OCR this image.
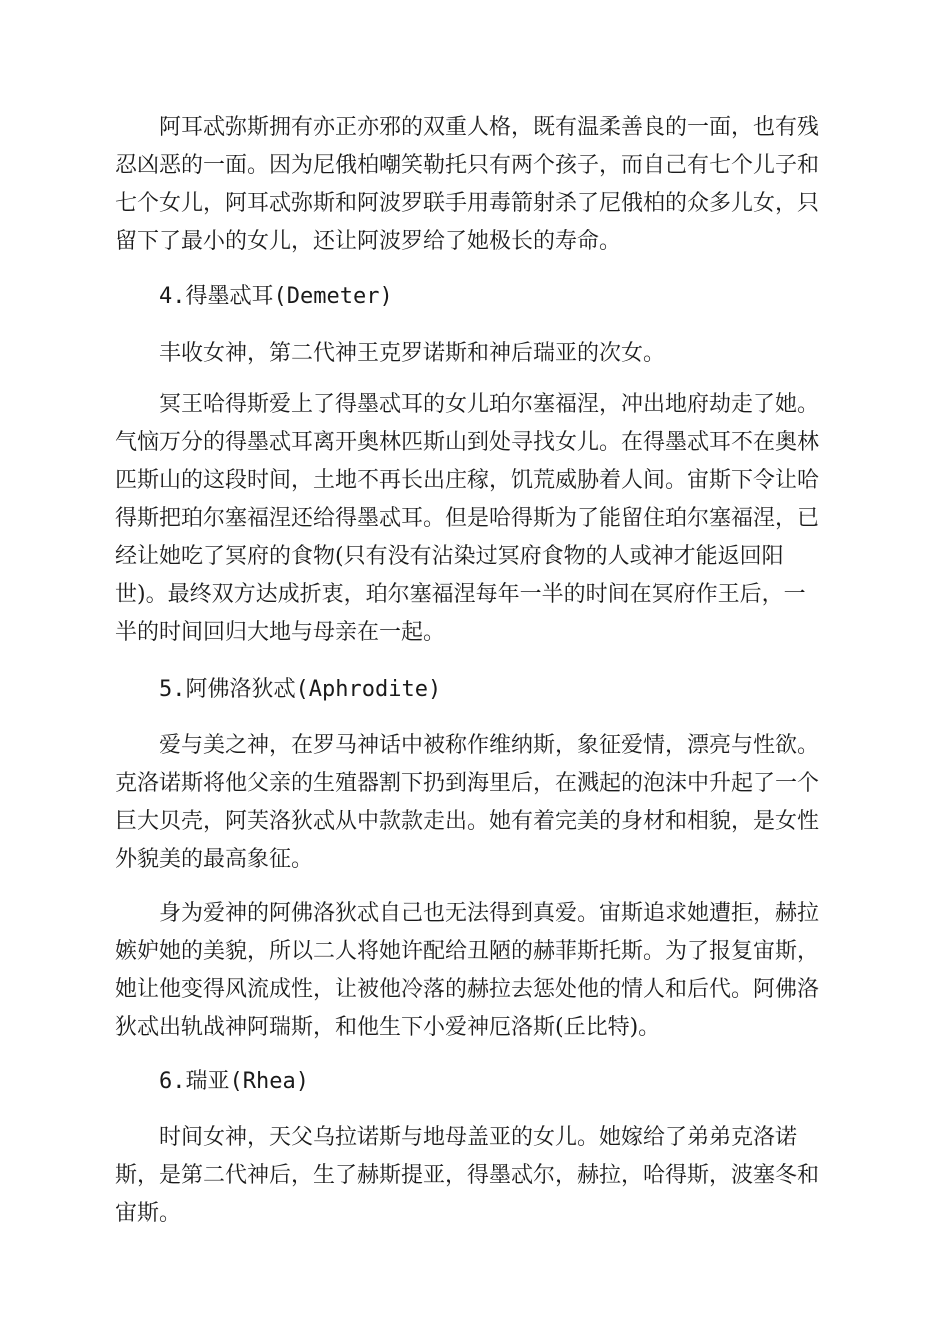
　　阿耳忒弥斯拥有亦正亦邪的双重人格，既有温柔善良的一面，也有残
忍凶恶的一面。因为尼俄柏嘲笑勒托只有两个孩子，而自己有七个儿子和
七个女儿，阿耳忒弥斯和阿波罗联手用毒箭射杀了尼俄柏的众多儿女，只
留下了最小的女儿，还让阿波罗给了她极长的寿命。
　　4.得墨忒耳(Demeter)
　　丰收女神，第二代神王克罗诺斯和神后瑞亚的次女。
　　冥王哈得斯爱上了得墨忒耳的女儿珀尔塞福涅，冲出地府劫走了她。
气恼万分的得墨忒耳离开奥林匹斯山到处寻找女儿。在得墨忒耳不在奥林
匹斯山的这段时间，土地不再长出庄稼，饥荒威胁着人间。宙斯下令让哈
得斯把珀尔塞福涅还给得墨忒耳。但是哈得斯为了能留住珀尔塞福涅，已
经让她吃了冥府的食物(只有没有沾染过冥府食物的人或神才能返回阳
世)。最终双方达成折衷，珀尔塞福涅每年一半的时间在冥府作王后，一
半的时间回归大地与母亲在一起。
　　5.阿佛洛狄忒(Aphrodite)
　　爱与美之神，在罗马神话中被称作维纳斯，象征爱情，漂亮与性欲。
克洛诺斯将他父亲的生殖器割下扔到海里后，在溅起的泡沫中升起了一个
巨大贝壳，阿芙洛狄忒从中款款走出。她有着完美的身材和相貌，是女性
外貌美的最高象征。
　　身为爱神的阿佛洛狄忒自己也无法得到真爱。宙斯追求她遭拒，赫拉
嫉妒她的美貌，所以二人将她许配给丑陋的赫菲斯托斯。为了报复宙斯，
她让他变得风流成性，让被他冷落的赫拉去惩处他的情人和后代。阿佛洛
狄忒出轨战神阿瑞斯，和他生下小爱神厄洛斯(丘比特)。
　　6.瑞亚(Rhea)
　　时间女神，天父乌拉诺斯与地母盖亚的女儿。她嫁给了弟弟克洛诺
斯，是第二代神后，生了赫斯提亚，得墨忒尔，赫拉，哈得斯，波塞冬和
宙斯。
